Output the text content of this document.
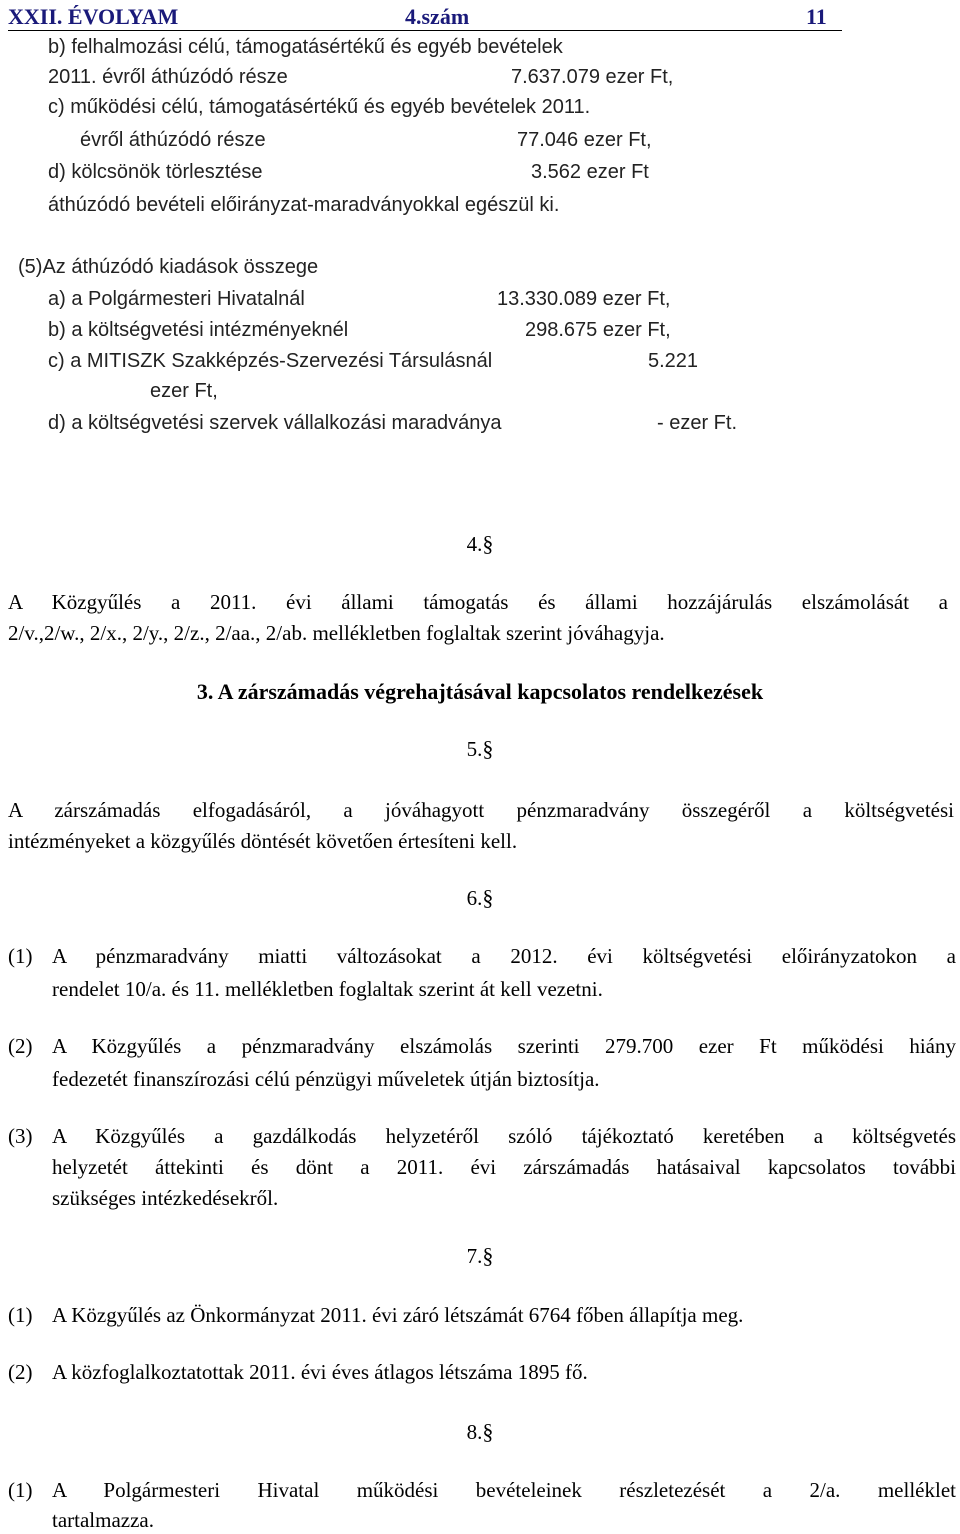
XXII. ÉVOLYAM	4.szám	11
b) felhalmozási célú, támogatásértékű és egyéb bevételek
2011. évről áthúzódó része	7.637.079 ezer Ft,
c) működési célú, támogatásértékű és egyéb bevételek 2011.
évről áthúzódó része	77.046 ezer Ft,
d) kölcsönök törlesztése	3.562 ezer Ft
áthúzódó bevételi előirányzat-maradványokkal egészül ki.
(5)Az áthúzódó kiadások összege
a) a Polgármesteri Hivatalnál	13.330.089 ezer Ft,
b) a költségvetési intézményeknél	298.675 ezer Ft,
c) a MITISZK Szakképzés-Szervezési Társulásnál	5.221
ezer Ft,
d) a költségvetési szervek vállalkozási maradványa	- ezer Ft.
4.§
A Közgyűlés a 2011. évi állami támogatás és állami hozzájárulás elszámolását a
2/v.,2/w., 2/x., 2/y., 2/z., 2/aa., 2/ab. mellékletben foglaltak szerint jóváhagyja.
3. A zárszámadás végrehajtásával kapcsolatos rendelkezések
5.§
A zárszámadás elfogadásáról, a jóváhagyott pénzmaradvány összegéről a költségvetési
intézményeket a közgyűlés döntését követően értesíteni kell.
6.§
(1) A pénzmaradvány miatti változásokat a 2012. évi költségvetési előirányzatokon a
rendelet 10/a. és 11. mellékletben foglaltak szerint át kell vezetni.
(2) A Közgyűlés a pénzmaradvány elszámolás szerinti 279.700 ezer Ft működési hiány
fedezetét finanszírozási célú pénzügyi műveletek útján biztosítja.
(3) A Közgyűlés a gazdálkodás helyzetéről szóló tájékoztató keretében a költségvetés
helyzetét áttekinti és dönt a 2011. évi zárszámadás hatásaival kapcsolatos további
szükséges intézkedésekről.
7.§
(1) A Közgyűlés az Önkormányzat 2011. évi záró létszámát 6764 főben állapítja meg.
(2) A közfoglalkoztatottak 2011. évi éves átlagos létszáma 1895 fő.
8.§
(1) A Polgármesteri Hivatal működési bevételeinek részletezését a 2/a. melléklet
tartalmazza.
